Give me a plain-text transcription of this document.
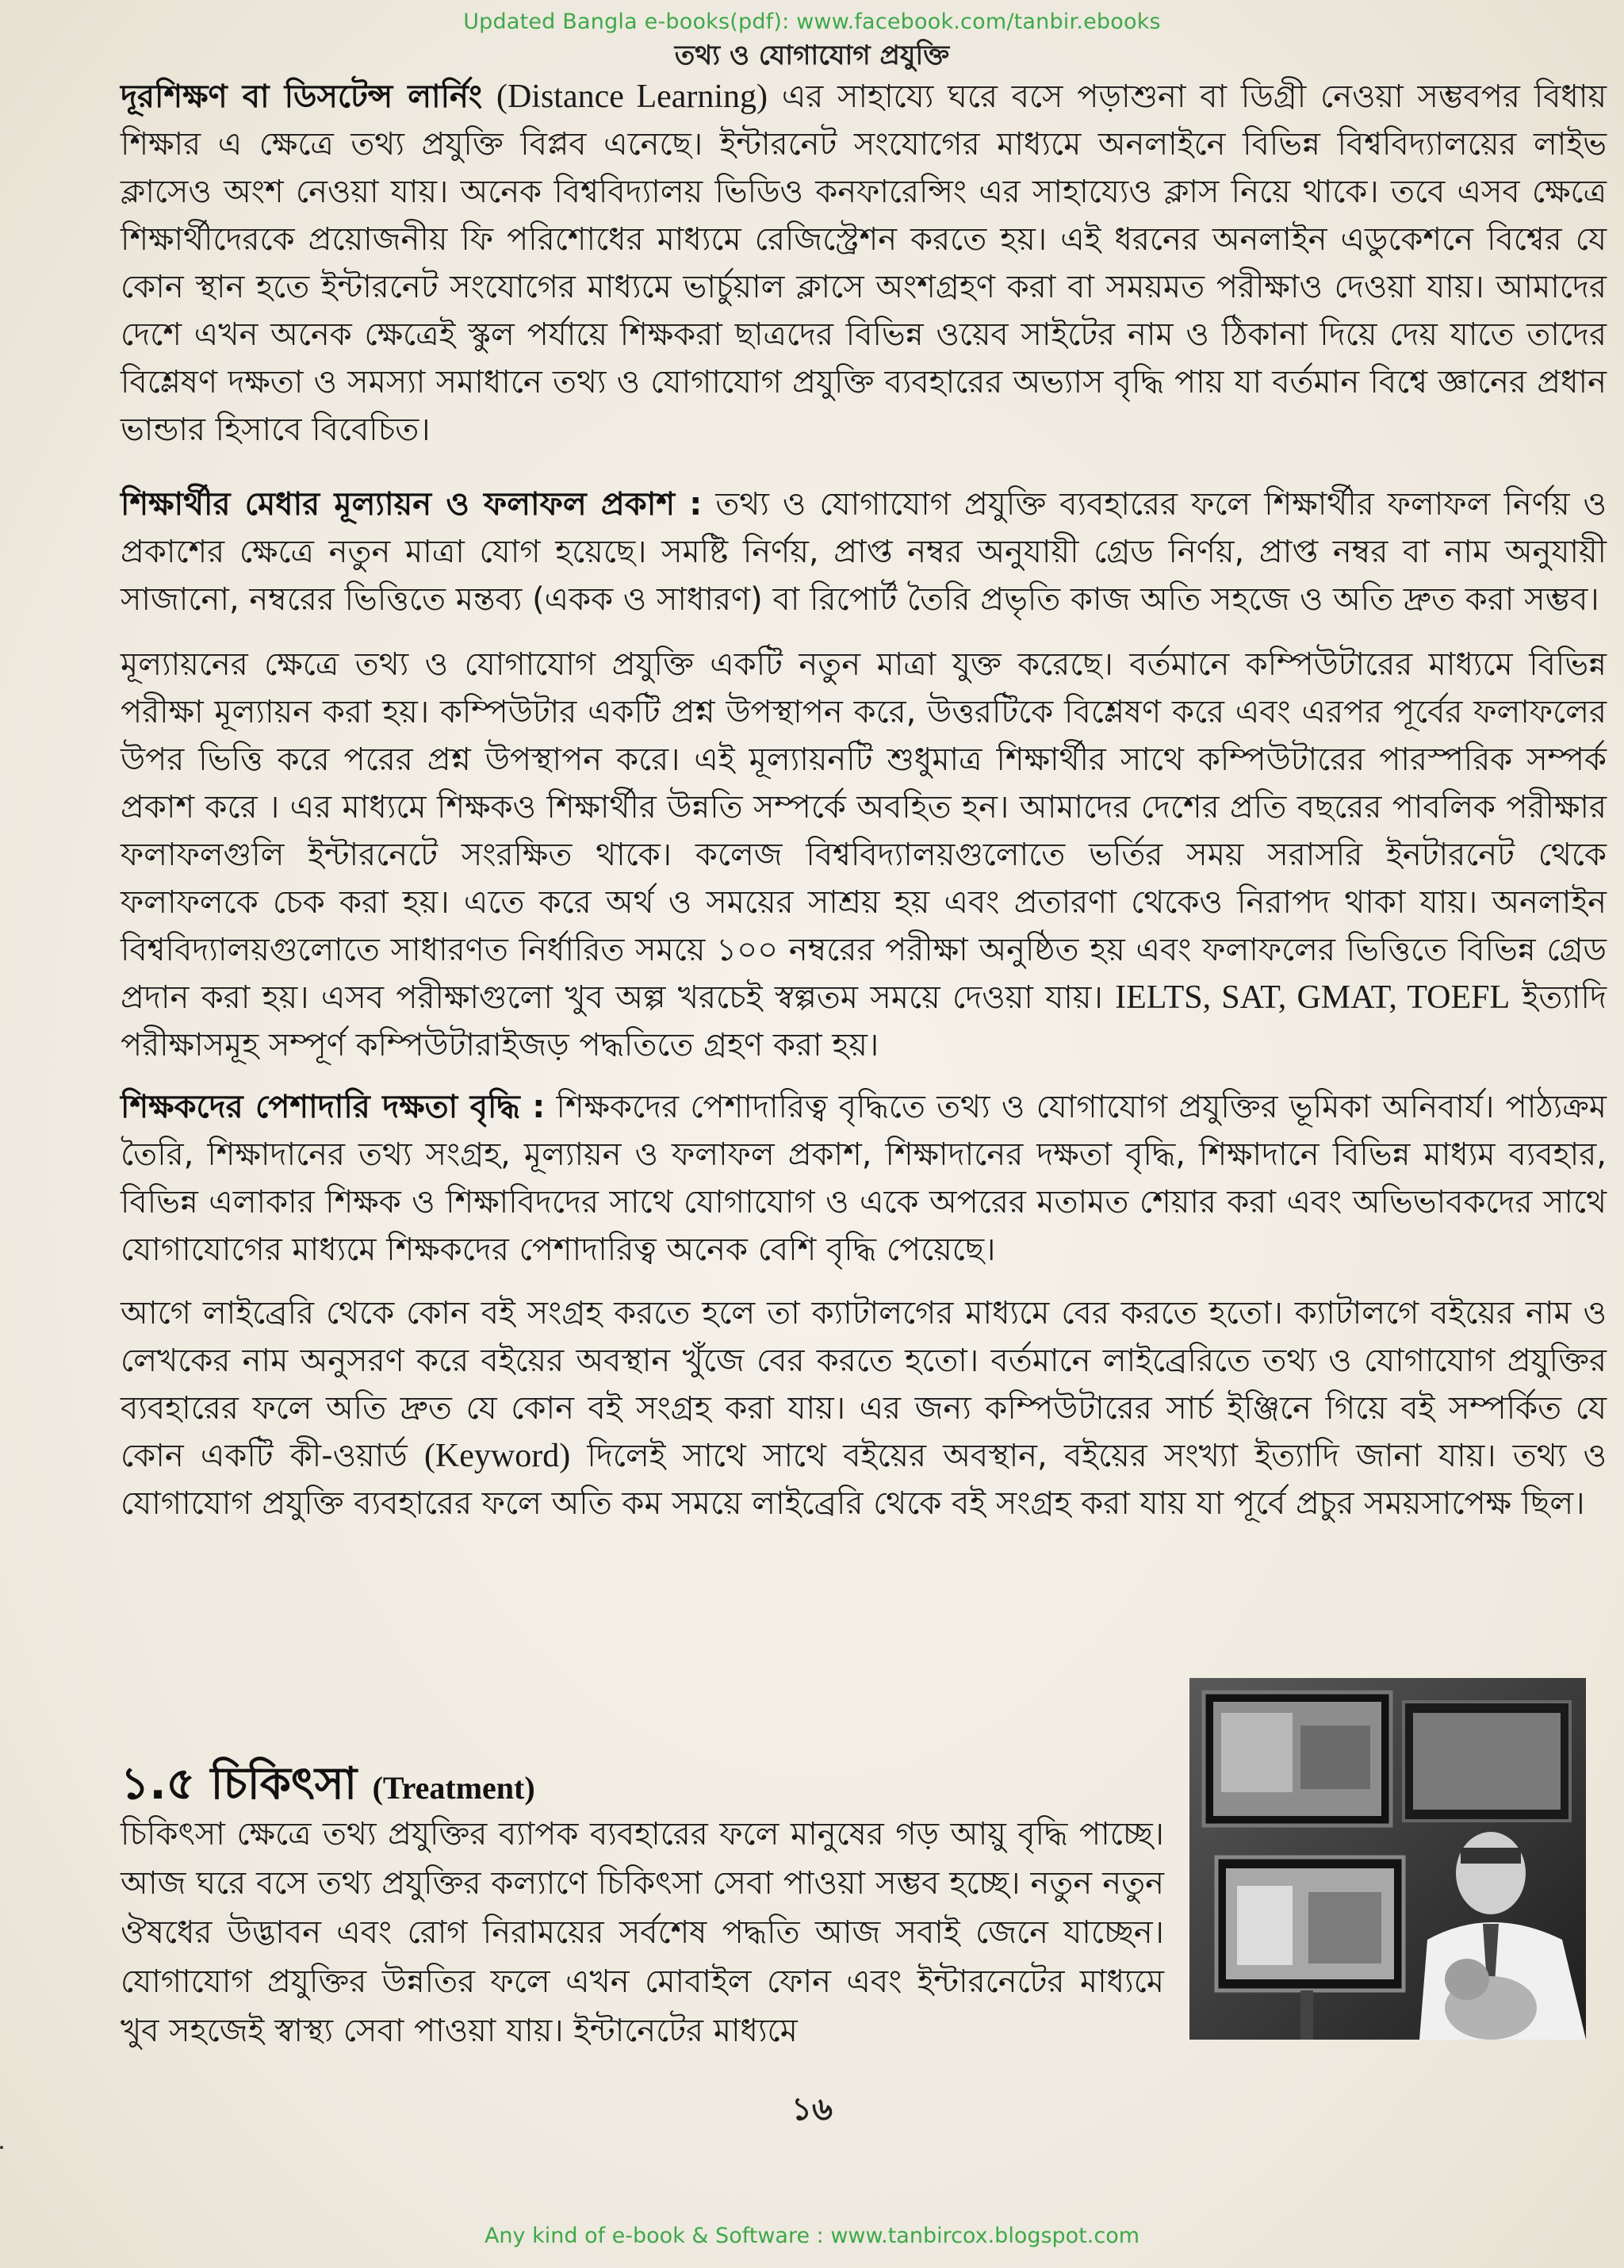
Updated Bangla e-books(pdf): www.facebook.com/tanbir.ebooks
তথ্য ও যোগাযোগ প্রযুক্তি

দূরশিক্ষণ বা ডিসটেন্স লার্নিং (Distance Learning) এর সাহায্যে ঘরে বসে পড়াশুনা বা ডিগ্রী নেওয়া সম্ভবপর বিধায় শিক্ষার এ ক্ষেত্রে তথ্য প্রযুক্তি বিপ্লব এনেছে। ইন্টারনেট সংযোগের মাধ্যমে অনলাইনে বিভিন্ন বিশ্ববিদ্যালয়ের লাইভ ক্লাসেও অংশ নেওয়া যায়। অনেক বিশ্ববিদ্যালয় ভিডিও কনফারেন্সিং এর সাহায্যেও ক্লাস নিয়ে থাকে। তবে এসব ক্ষেত্রে শিক্ষার্থীদেরকে প্রয়োজনীয় ফি পরিশোধের মাধ্যমে রেজিস্ট্রেশন করতে হয়। এই ধরনের অনলাইন এডুকেশনে বিশ্বের যে কোন স্থান হতে ইন্টারনেট সংযোগের মাধ্যমে ভার্চুয়াল ক্লাসে অংশগ্রহণ করা বা সময়মত পরীক্ষাও দেওয়া যায়। আমাদের দেশে এখন অনেক ক্ষেত্রেই স্কুল পর্যায়ে শিক্ষকরা ছাত্রদের বিভিন্ন ওয়েব সাইটের নাম ও ঠিকানা দিয়ে দেয় যাতে তাদের বিশ্লেষণ দক্ষতা ও সমস্যা সমাধানে তথ্য ও যোগাযোগ প্রযুক্তি ব্যবহারের অভ্যাস বৃদ্ধি পায় যা বর্তমান বিশ্বে জ্ঞানের প্রধান ভান্ডার হিসাবে বিবেচিত।

শিক্ষার্থীর মেধার মূল্যায়ন ও ফলাফল প্রকাশ : তথ্য ও যোগাযোগ প্রযুক্তি ব্যবহারের ফলে শিক্ষার্থীর ফলাফল নির্ণয় ও প্রকাশের ক্ষেত্রে নতুন মাত্রা যোগ হয়েছে। সমষ্টি নির্ণয়, প্রাপ্ত নম্বর অনুযায়ী গ্রেড নির্ণয়, প্রাপ্ত নম্বর বা নাম অনুযায়ী সাজানো, নম্বরের ভিত্তিতে মন্তব্য (একক ও সাধারণ) বা রিপোর্ট তৈরি প্রভৃতি কাজ অতি সহজে ও অতি দ্রুত করা সম্ভব।

মূল্যায়নের ক্ষেত্রে তথ্য ও যোগাযোগ প্রযুক্তি একটি নতুন মাত্রা যুক্ত করেছে। বর্তমানে কম্পিউটারের মাধ্যমে বিভিন্ন পরীক্ষা মূল্যায়ন করা হয়। কম্পিউটার একটি প্রশ্ন উপস্থাপন করে, উত্তরটিকে বিশ্লেষণ করে এবং এরপর পূর্বের ফলাফলের উপর ভিত্তি করে পরের প্রশ্ন উপস্থাপন করে। এই মূল্যায়নটি শুধুমাত্র শিক্ষার্থীর সাথে কম্পিউটারের পারস্পরিক সম্পর্ক প্রকাশ করে । এর মাধ্যমে শিক্ষকও শিক্ষার্থীর উন্নতি সম্পর্কে অবহিত হন। আমাদের দেশের প্রতি বছরের পাবলিক পরীক্ষার ফলাফলগুলি ইন্টারনেটে সংরক্ষিত থাকে। কলেজ বিশ্ববিদ্যালয়গুলোতে ভর্তির সময় সরাসরি ইনটারনেট থেকে ফলাফলকে চেক করা হয়। এতে করে অর্থ ও সময়ের সাশ্রয় হয় এবং প্রতারণা থেকেও নিরাপদ থাকা যায়। অনলাইন বিশ্ববিদ্যালয়গুলোতে সাধারণত নির্ধারিত সময়ে ১০০ নম্বরের পরীক্ষা অনুষ্ঠিত হয় এবং ফলাফলের ভিত্তিতে বিভিন্ন গ্রেড প্রদান করা হয়। এসব পরীক্ষাগুলো খুব অল্প খরচেই স্বল্পতম সময়ে দেওয়া যায়। IELTS, SAT, GMAT, TOEFL ইত্যাদি পরীক্ষাসমূহ সম্পূর্ণ কম্পিউটারাইজড় পদ্ধতিতে গ্রহণ করা হয়।

শিক্ষকদের পেশাদারি দক্ষতা বৃদ্ধি : শিক্ষকদের পেশাদারিত্ব বৃদ্ধিতে তথ্য ও যোগাযোগ প্রযুক্তির ভূমিকা অনিবার্য। পাঠ্যক্রম তৈরি, শিক্ষাদানের তথ্য সংগ্রহ, মূল্যায়ন ও ফলাফল প্রকাশ, শিক্ষাদানের দক্ষতা বৃদ্ধি, শিক্ষাদানে বিভিন্ন মাধ্যম ব্যবহার, বিভিন্ন এলাকার শিক্ষক ও শিক্ষাবিদদের সাথে যোগাযোগ ও একে অপরের মতামত শেয়ার করা এবং অভিভাবকদের সাথে যোগাযোগের মাধ্যমে শিক্ষকদের পেশাদারিত্ব অনেক বেশি বৃদ্ধি পেয়েছে।

আগে লাইব্রেরি থেকে কোন বই সংগ্রহ করতে হলে তা ক্যাটালগের মাধ্যমে বের করতে হতো। ক্যাটালগে বইয়ের নাম ও লেখকের নাম অনুসরণ করে বইয়ের অবস্থান খুঁজে বের করতে হতো। বর্তমানে লাইব্রেরিতে তথ্য ও যোগাযোগ প্রযুক্তির ব্যবহারের ফলে অতি দ্রুত যে কোন বই সংগ্রহ করা যায়। এর জন্য কম্পিউটারের সার্চ ইঞ্জিনে গিয়ে বই সম্পর্কিত যে কোন একটি কী-ওয়ার্ড (Keyword) দিলেই সাথে সাথে বইয়ের অবস্থান, বইয়ের সংখ্যা ইত্যাদি জানা যায়। তথ্য ও যোগাযোগ প্রযুক্তি ব্যবহারের ফলে অতি কম সময়ে লাইব্রেরি থেকে বই সংগ্রহ করা যায় যা পূর্বে প্রচুর সময়সাপেক্ষ ছিল।

১.৫ চিকিৎসা (Treatment)

চিকিৎসা ক্ষেত্রে তথ্য প্রযুক্তির ব্যাপক ব্যবহারের ফলে মানুষের গড় আয়ু বৃদ্ধি পাচ্ছে। আজ ঘরে বসে তথ্য প্রযুক্তির কল্যাণে চিকিৎসা সেবা পাওয়া সম্ভব হচ্ছে। নতুন নতুন ঔষধের উদ্ভাবন এবং রোগ নিরাময়ের সর্বশেষ পদ্ধতি আজ সবাই জেনে যাচ্ছেন। যোগাযোগ প্রযুক্তির উন্নতির ফলে এখন মোবাইল ফোন এবং ইন্টারনেটের মাধ্যমে খুব সহজেই স্বাস্থ্য সেবা পাওয়া যায়। ইন্টানেটের মাধ্যমে

১৬
Any kind of e-book & Software : www.tanbircox.blogspot.com
